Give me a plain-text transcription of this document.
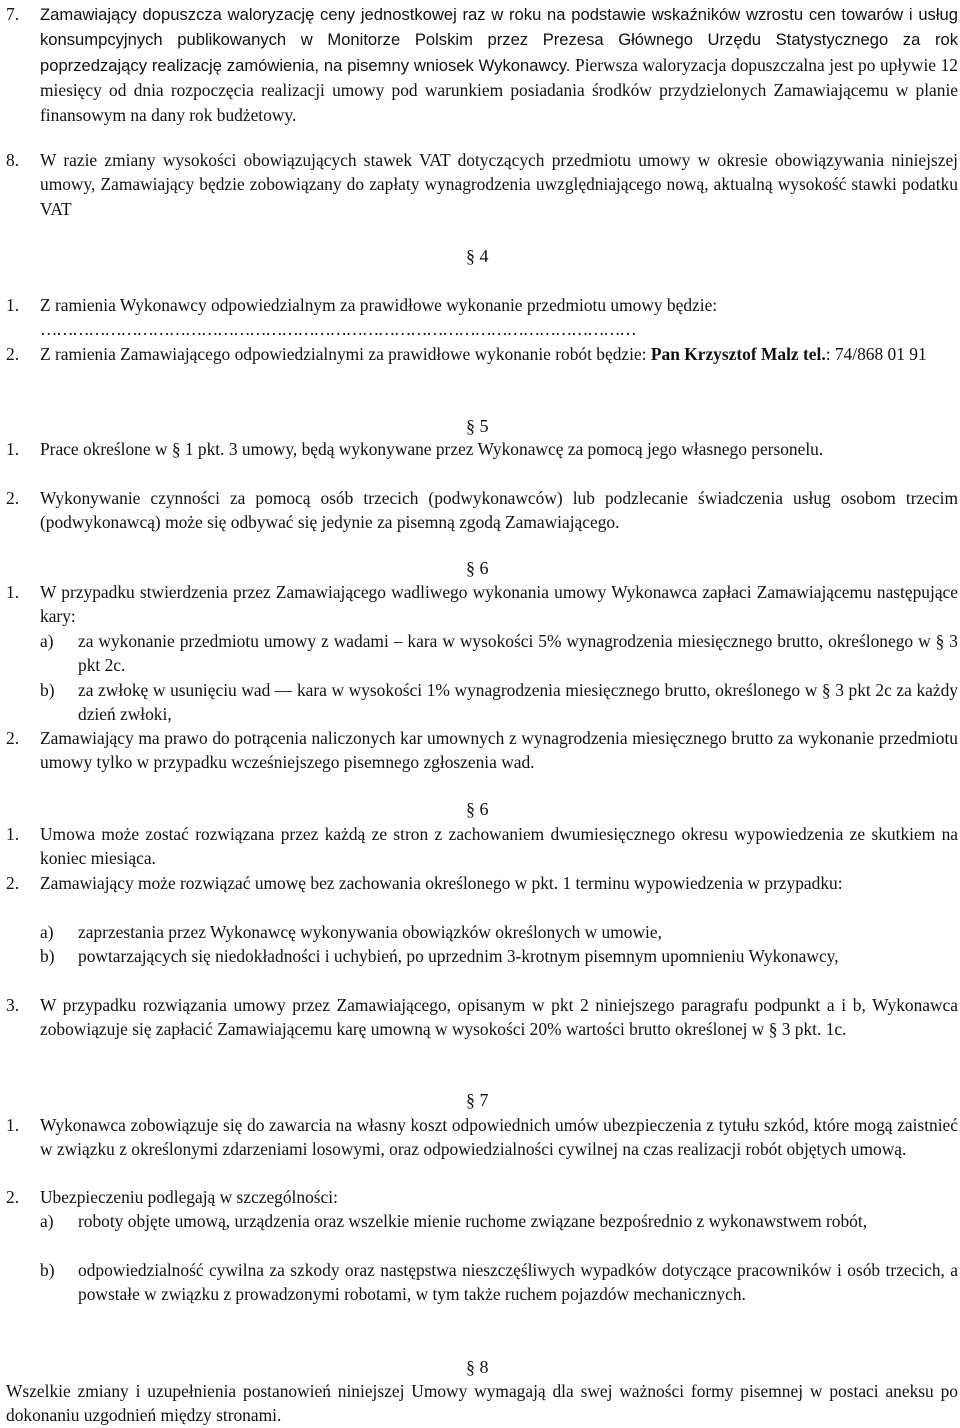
7.	Zamawiający dopuszcza waloryzację ceny jednostkowej raz w roku na podstawie wskaźników wzrostu cen towarów i usług konsumpcyjnych publikowanych w Monitorze Polskim przez Prezesa Głównego Urzędu Statystycznego za rok poprzedzający realizację zamówienia, na pisemny wniosek Wykonawcy. Pierwsza waloryzacja dopuszczalna jest po upływie 12 miesięcy od dnia rozpoczęcia realizacji umowy pod warunkiem posiadania środków przydzielonych Zamawiającemu w planie finansowym na dany rok budżetowy.
8.	W razie zmiany wysokości obowiązujących stawek VAT dotyczących przedmiotu umowy w okresie obowiązywania niniejszej umowy, Zamawiający będzie zobowiązany do zapłaty wynagrodzenia uwzględniającego nową, aktualną wysokość stawki podatku VAT
§ 4
1.	Z ramienia Wykonawcy odpowiedzialnym za prawidłowe wykonanie przedmiotu umowy będzie:
…………………………………………………………………………………………………
2.	Z ramienia Zamawiającego odpowiedzialnymi za prawidłowe wykonanie robót będzie: Pan Krzysztof Malz tel.: 74/868 01 91
§ 5
1.	Prace określone w § 1 pkt. 3 umowy, będą wykonywane przez Wykonawcę za pomocą jego własnego personelu.
2.	Wykonywanie czynności za pomocą osób trzecich (podwykonawców) lub podzlecanie świadczenia usług osobom trzecim (podwykonawcą) może się odbywać się jedynie za pisemną zgodą Zamawiającego.
§ 6
1.	W przypadku stwierdzenia przez Zamawiającego wadliwego wykonania umowy Wykonawca zapłaci Zamawiającemu następujące kary:
a)	za wykonanie przedmiotu umowy z wadami – kara w wysokości 5% wynagrodzenia miesięcznego brutto, określonego w § 3 pkt 2c.
b)	za zwłokę w usunięciu wad — kara w wysokości 1% wynagrodzenia miesięcznego brutto, określonego w § 3 pkt 2c za każdy dzień zwłoki,
2.	Zamawiający ma prawo do potrącenia naliczonych kar umownych z wynagrodzenia miesięcznego brutto za wykonanie przedmiotu umowy tylko w przypadku wcześniejszego pisemnego zgłoszenia wad.
§ 6
1.	Umowa może zostać rozwiązana przez każdą ze stron z zachowaniem dwumiesięcznego okresu wypowiedzenia ze skutkiem na koniec miesiąca.
2.	Zamawiający może rozwiązać umowę bez zachowania określonego w pkt. 1 terminu wypowiedzenia w przypadku:
a)	zaprzestania przez Wykonawcę wykonywania obowiązków określonych w umowie,
b)	powtarzających się niedokładności i uchybień, po uprzednim 3-krotnym pisemnym upomnieniu Wykonawcy,
3.	W przypadku rozwiązania umowy przez Zamawiającego, opisanym w pkt 2 niniejszego paragrafu podpunkt a i b, Wykonawca zobowiązuje się zapłacić Zamawiającemu karę umowną w wysokości 20% wartości brutto określonej w § 3 pkt. 1c.
§ 7
1.	Wykonawca zobowiązuje się do zawarcia na własny koszt odpowiednich umów ubezpieczenia z tytułu szkód, które mogą zaistnieć w związku z określonymi zdarzeniami losowymi, oraz odpowiedzialności cywilnej na czas realizacji robót objętych umową.
2.	Ubezpieczeniu podlegają w szczególności:
a)	roboty objęte umową, urządzenia oraz wszelkie mienie ruchome związane bezpośrednio z wykonawstwem robót,
b)	odpowiedzialność cywilna za szkody oraz następstwa nieszczęśliwych wypadków dotyczące pracowników i osób trzecich, a powstałe w związku z prowadzonymi robotami, w tym także ruchem pojazdów mechanicznych.
§ 8
Wszelkie zmiany i uzupełnienia postanowień niniejszej Umowy wymagają dla swej ważności formy pisemnej w postaci aneksu po dokonaniu uzgodnień między stronami.
